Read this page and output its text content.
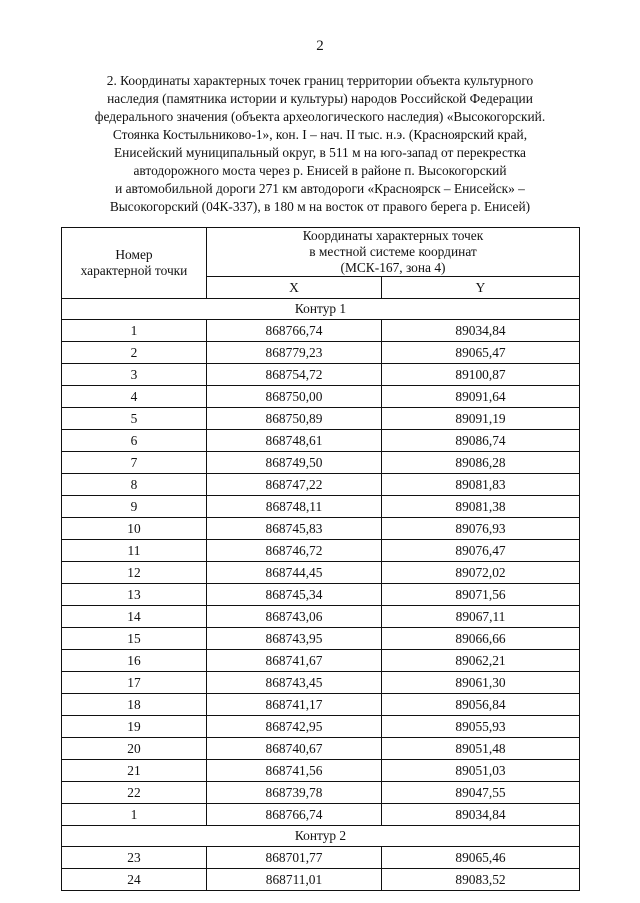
2
2. Координаты характерных точек границ территории объекта культурного
наследия (памятника истории и культуры) народов Российской Федерации
федерального значения (объекта археологического наследия) «Высокогорский.
Стоянка Костыльниково-1», кон. I – нач. II тыс. н.э. (Красноярский край,
Енисейский муниципальный округ, в 511 м на юго-запад от перекрестка
автодорожного моста через р. Енисей в районе п. Высокогорский
и автомобильной дороги 271 км автодороги «Красноярск – Енисейск» –
Высокогорский (04К-337), в 180 м на восток от правого берега р. Енисей)
Номер
характерной точки	Координаты характерных точек
в местной системе координат
(МСК-167, зона 4)	

	X	Y
Контур 1		
1	868766,74	89034,84
2	868779,23	89065,47
3	868754,72	89100,87
4	868750,00	89091,64
5	868750,89	89091,19
6	868748,61	89086,74
7	868749,50	89086,28
8	868747,22	89081,83
9	868748,11	89081,38
10	868745,83	89076,93
11	868746,72	89076,47
12	868744,45	89072,02
13	868745,34	89071,56
14	868743,06	89067,11
15	868743,95	89066,66
16	868741,67	89062,21
17	868743,45	89061,30
18	868741,17	89056,84
19	868742,95	89055,93
20	868740,67	89051,48
21	868741,56	89051,03
22	868739,78	89047,55
1	868766,74	89034,84
Контур 2		
23	868701,77	89065,46
24	868711,01	89083,52
